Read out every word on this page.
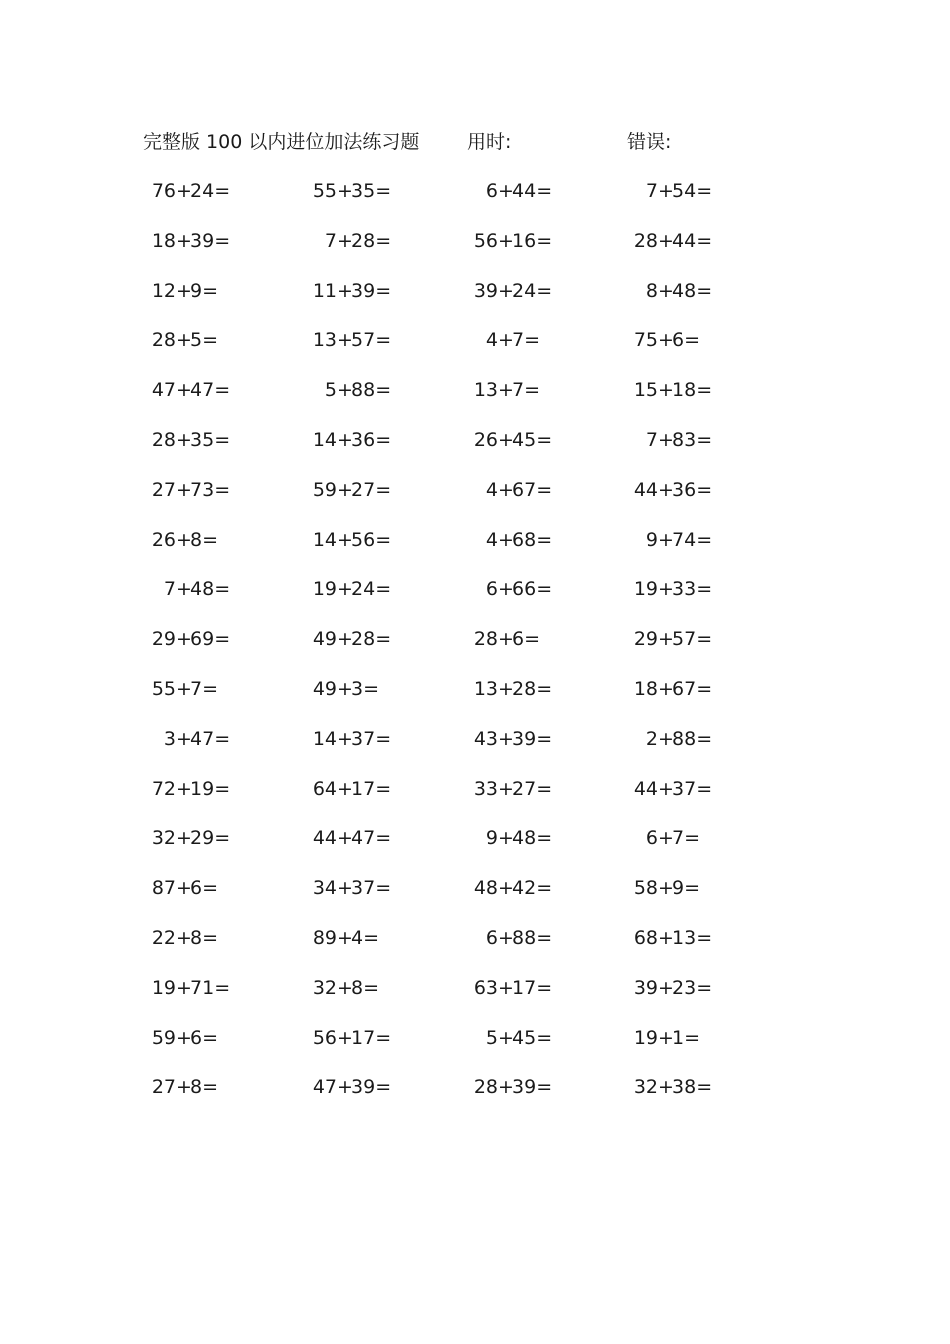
完整版 100 以内进位加法练习题	用时:	错误:
76+24=	55+35=	6+44=	7+54=
18+39=	7+28=	56+16=	28+44=
12+9=	11+39=	39+24=	8+48=
28+5=	13+57=	4+7=	75+6=
47+47=	5+88=	13+7=	15+18=
28+35=	14+36=	26+45=	7+83=
27+73=	59+27=	4+67=	44+36=
26+8=	14+56=	4+68=	9+74=
7+48=	19+24=	6+66=	19+33=
29+69=	49+28=	28+6=	29+57=
55+7=	49+3=	13+28=	18+67=
3+47=	14+37=	43+39=	2+88=
72+19=	64+17=	33+27=	44+37=
32+29=	44+47=	9+48=	6+7=
87+6=	34+37=	48+42=	58+9=
22+8=	89+4=	6+88=	68+13=
19+71=	32+8=	63+17=	39+23=
59+6=	56+17=	5+45=	19+1=
27+8=	47+39=	28+39=	32+38=
